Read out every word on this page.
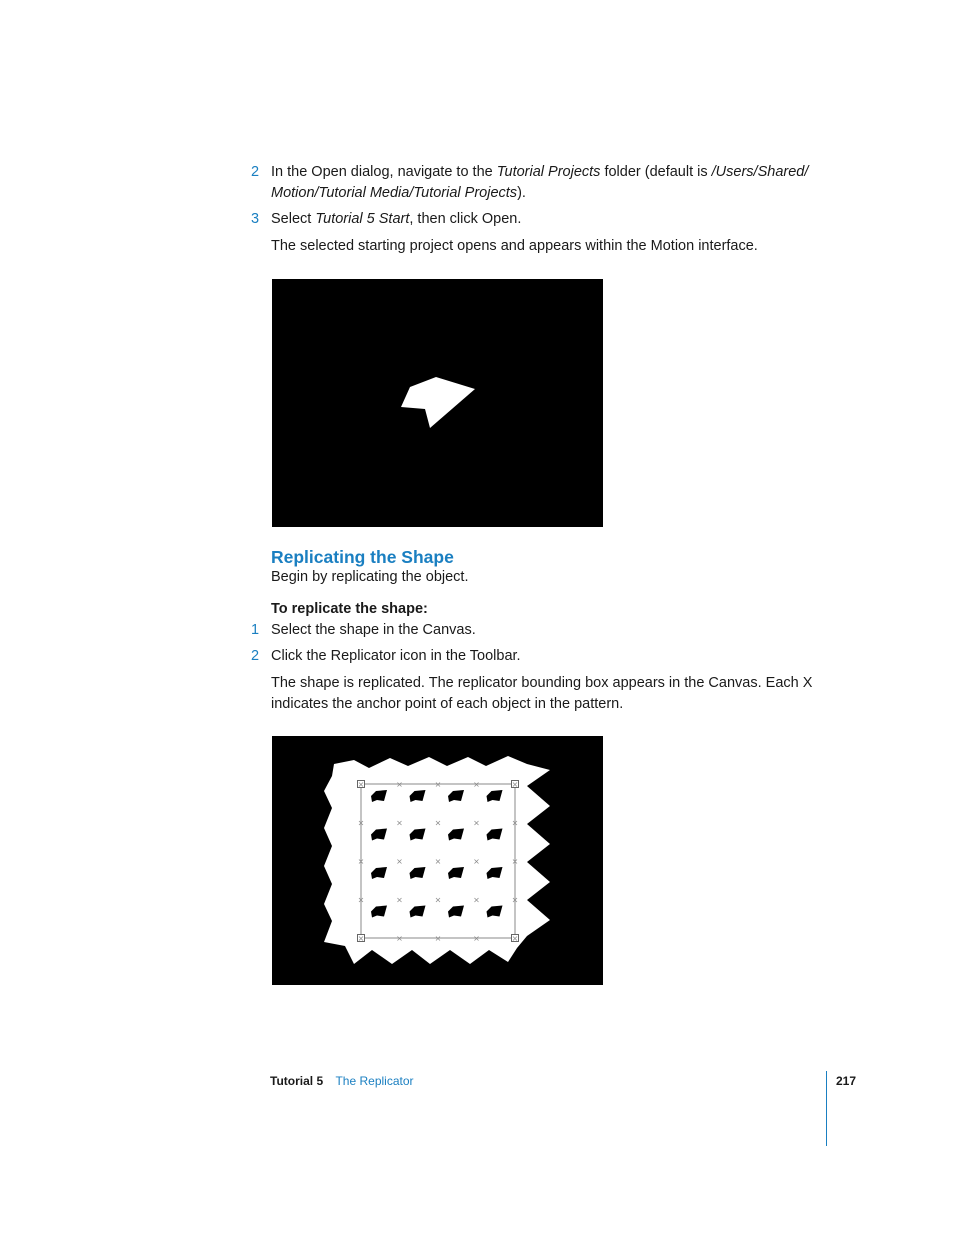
2 In the Open dialog, navigate to the Tutorial Projects folder (default is /Users/Shared/
Motion/Tutorial Media/Tutorial Projects).
3 Select Tutorial 5 Start, then click Open.
The selected starting project opens and appears within the Motion interface.
Replicating the Shape
Begin by replicating the object.
To replicate the shape:
1 Select the shape in the Canvas.
2 Click the Replicator icon in the Toolbar.
The shape is replicated. The replicator bounding box appears in the Canvas. Each X
indicates the anchor point of each object in the pattern.
×	×	×	×	×
×	×	×	×	×
×	×	×	×	×
×	×	×	×	×
×	×	×	×	×
Tutorial 5 The Replicator	217
